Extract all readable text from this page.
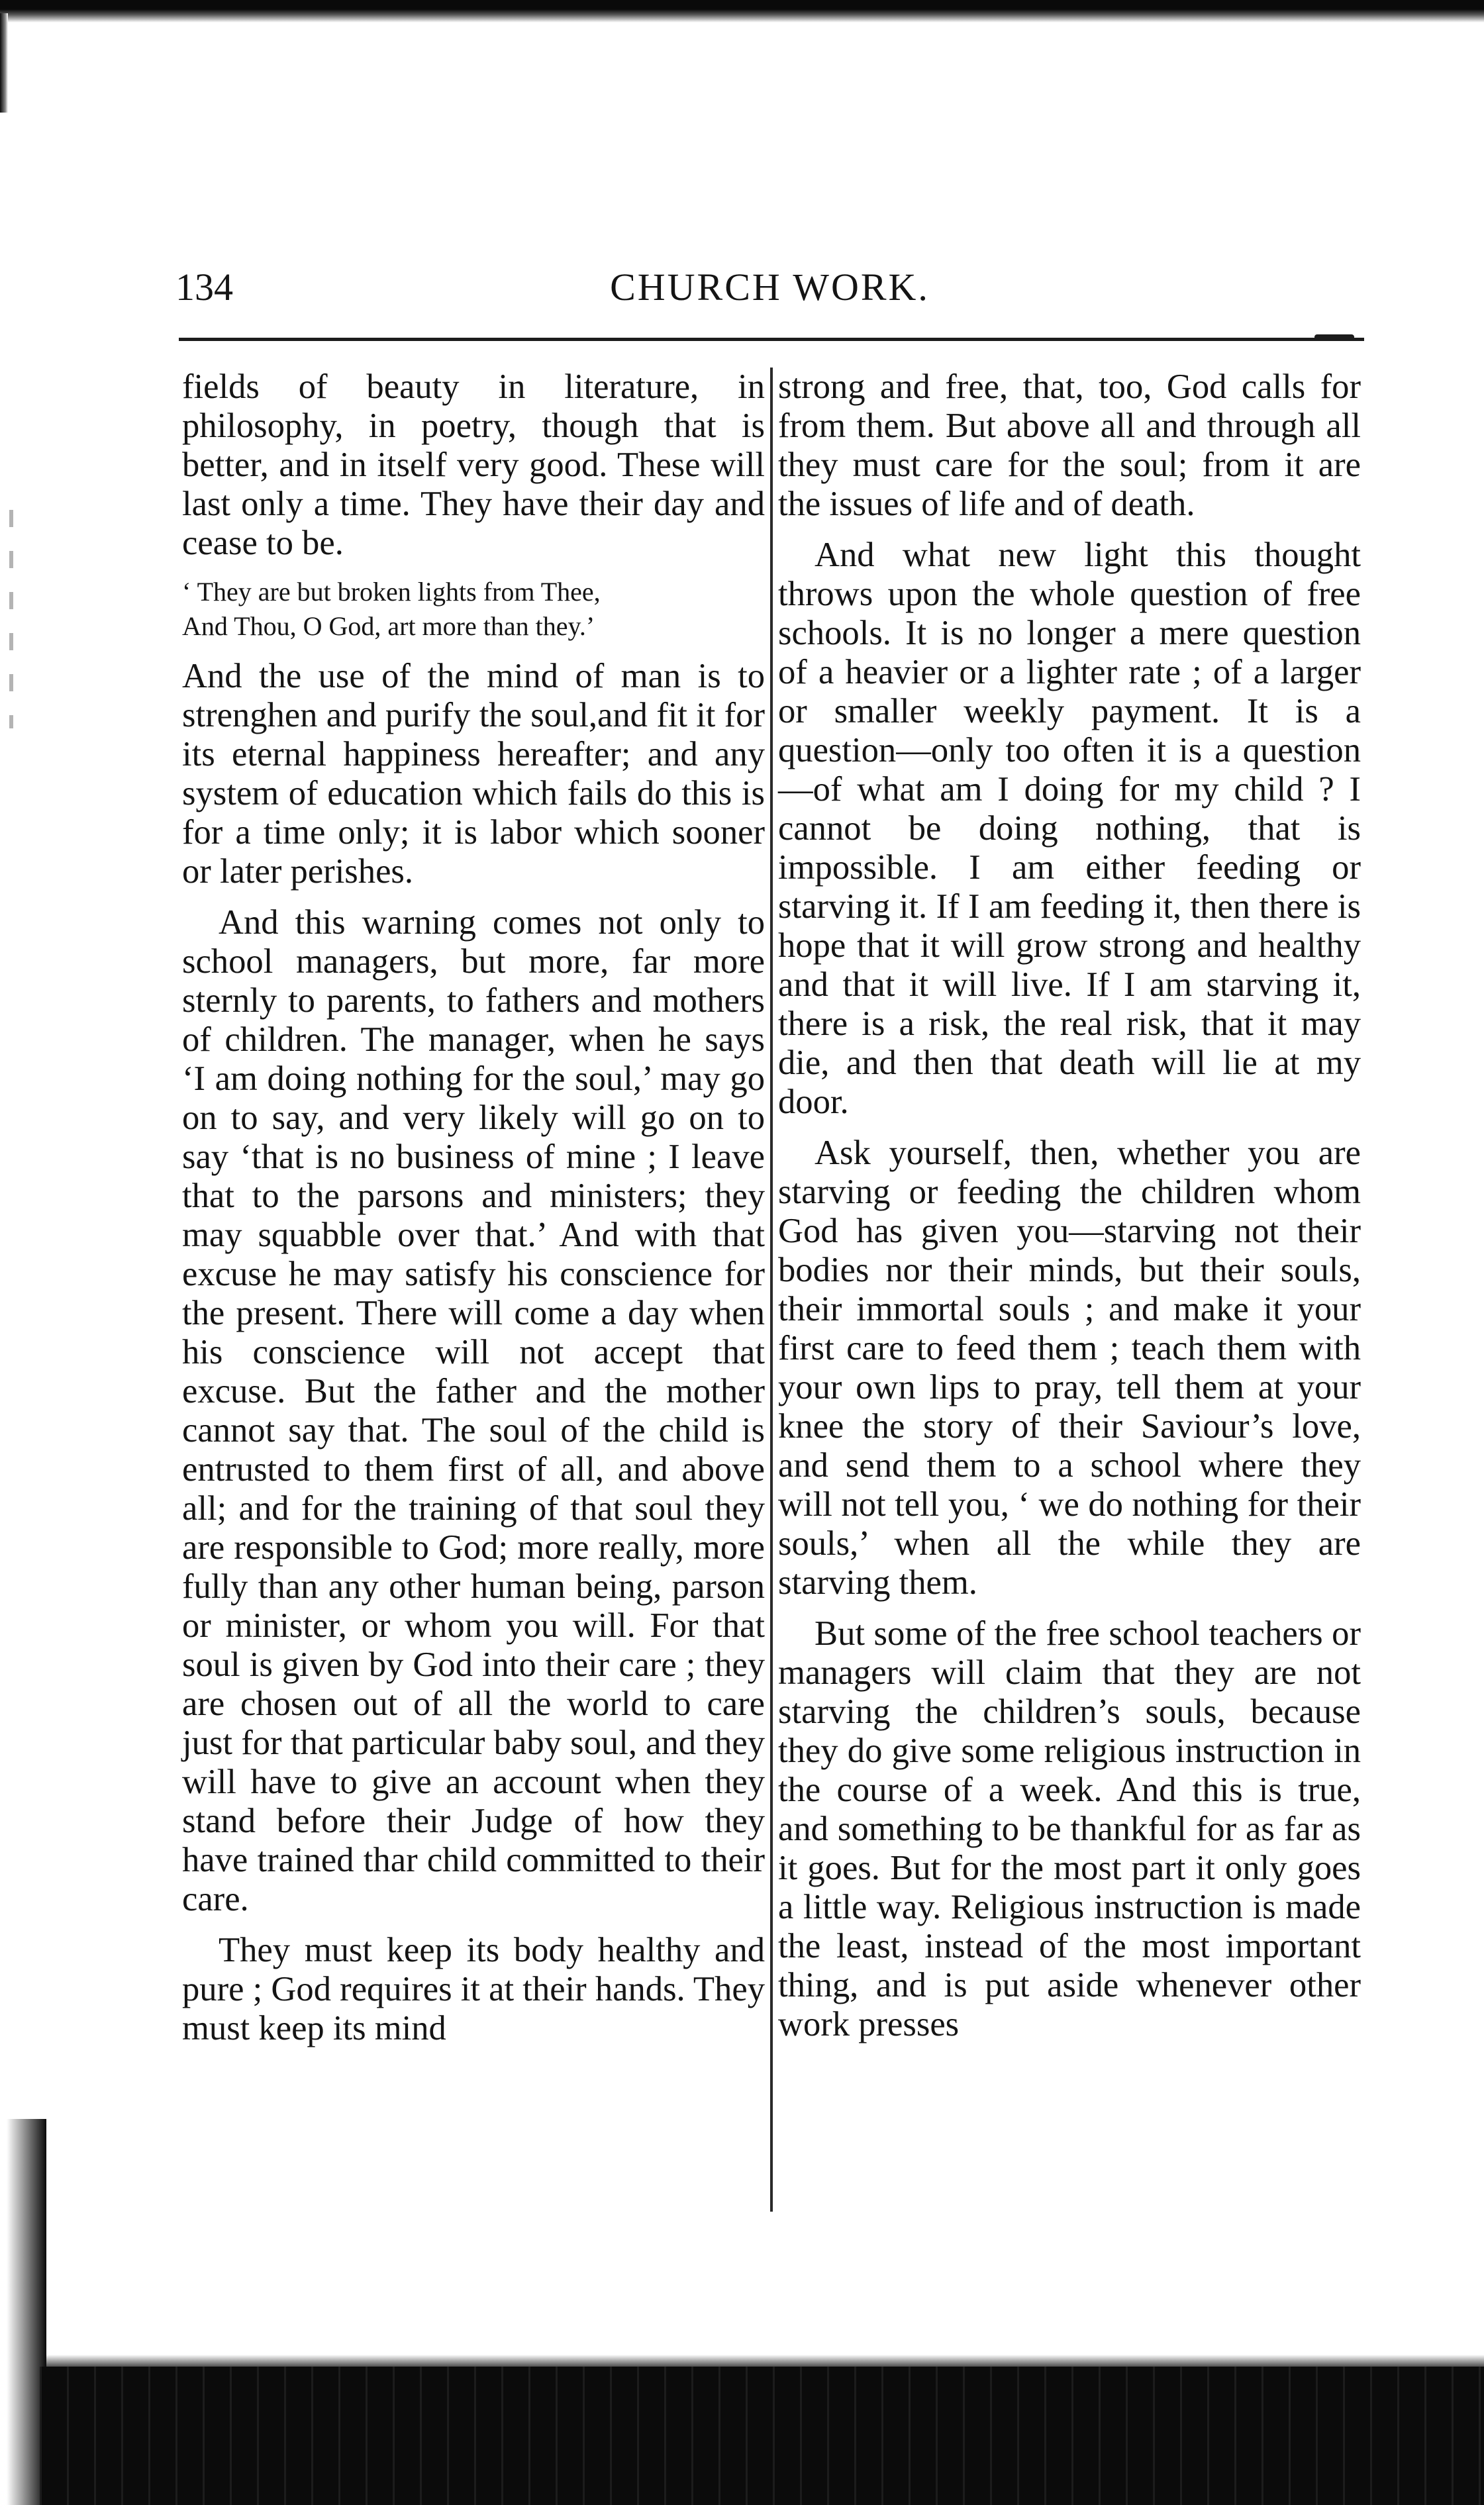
134	CHURCH WORK.

fields of beauty in literature, in philosophy, in poetry, though that is better, and in itself very good. These will last only a time. They have their day and cease to be.

‘ They are but broken lights from Thee,
And Thou, O God, art more than they.’

And the use of the mind of man is to strenghen and purify the soul,and fit it for its eternal happiness hereafter; and any system of education which fails do this is for a time only; it is labor which sooner or later perishes.

And this warning comes not only to school managers, but more, far more sternly to parents, to fathers and mothers of children. The manager, when he says ‘I am doing nothing for the soul,’ may go on to say, and very likely will go on to say ‘that is no business of mine ; I leave that to the parsons and ministers; they may squabble over that.’ And with that excuse he may satisfy his conscience for the present. There will come a day when his conscience will not accept that excuse. But the father and the mother cannot say that. The soul of the child is entrusted to them first of all, and above all; and for the training of that soul they are responsible to God; more really, more fully than any other human being, parson or minister, or whom you will. For that soul is given by God into their care ; they are chosen out of all the world to care just for that particular baby soul, and they will have to give an account when they stand before their Judge of how they have trained thar child committed to their care.

They must keep its body healthy and pure ; God requires it at their hands. They must keep its mind

strong and free, that, too, God calls for from them. But above all and through all they must care for the soul; from it are the issues of life and of death.

And what new light this thought throws upon the whole question of free schools. It is no longer a mere question of a heavier or a lighter rate ; of a larger or smaller weekly payment. It is a question—only too often it is a question—of what am I doing for my child ? I cannot be doing nothing, that is impossible. I am either feeding or starving it. If I am feeding it, then there is hope that it will grow strong and healthy and that it will live. If I am starving it, there is a risk, the real risk, that it may die, and then that death will lie at my door.

Ask yourself, then, whether you are starving or feeding the children whom God has given you—starving not their bodies nor their minds, but their souls, their immortal souls ; and make it your first care to feed them ; teach them with your own lips to pray, tell them at your knee the story of their Saviour’s love, and send them to a school where they will not tell you, ‘ we do nothing for their souls,’ when all the while they are starving them.

But some of the free school teachers or managers will claim that they are not starving the children’s souls, because they do give some religious instruction in the course of a week. And this is true, and something to be thankful for as far as it goes. But for the most part it only goes a little way. Religious instruction is made the least, instead of the most important thing, and is put aside whenever other work presses
